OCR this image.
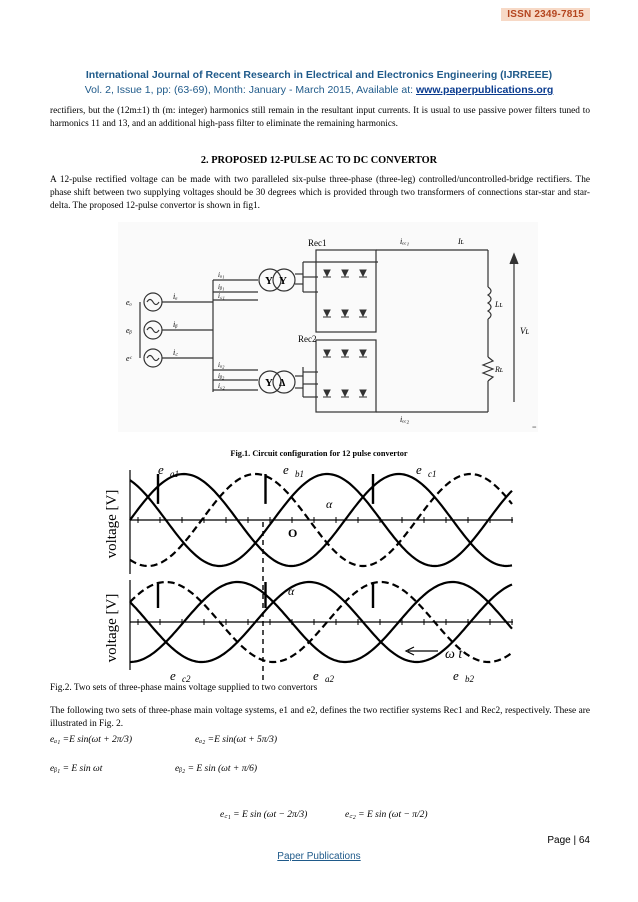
ISSN 2349-7815
International Journal of Recent Research in Electrical and Electronics Engineering (IJRREEE)
Vol. 2, Issue 1, pp: (63-69), Month: January - March 2015, Available at: www.paperpublications.org
rectifiers, but the (12m±1) th (m: integer) harmonics still remain in the resultant input currents. It is usual to use passive power filters tuned to harmonics 11 and 13, and an additional high-pass filter to eliminate the remaining harmonics.
2. PROPOSED 12-PULSE AC TO DC CONVERTOR
A 12-pulse rectified voltage can be made with two paralleled six-pulse three-phase (three-leg) controlled/uncontrolled-bridge rectifiers. The phase shift between two supplying voltages should be 30 degrees which is provided through two transformers of connections star-star and star-delta. The proposed 12-pulse convertor is shown in fig1.
Y Y
Y Δ
Rec1
Rec2
iₑₑ₁	Iʟ
Vʟ
Lʟ
Rʟ
eₐ
eᵦ
eᶜ
iₐ
iᵦ
i꜀
iₐ₁
iᵦ₁
i꜀₁
iₐ₂
iᵦ₂
i꜀₂
iₑₑ₂
=
Fig.1. Circuit configuration for 12 pulse convertor
voltage [V]
voltage [V]
e a1	e b1	e c1
e c2	e a2	e b2
α
O
α
ω t
Fig.2. Two sets of three-phase mains voltage supplied to two convertors
The following two sets of three-phase main voltage systems, e1 and e2, defines the two rectifier systems Rec1 and Rec2, respectively. These are illustrated in Fig. 2.
eₐ₁ =E sin(ωt + 2π/3)	eₐ₂ =E sin(ωt + 5π/3)
eᵦ₁ = E sin ωt	eᵦ₂ = E sin (ωt + π/6)
e꜀₁ = E sin (ωt − 2π/3)	e꜀₂ = E sin (ωt − π/2)
Page | 64
Paper Publications
